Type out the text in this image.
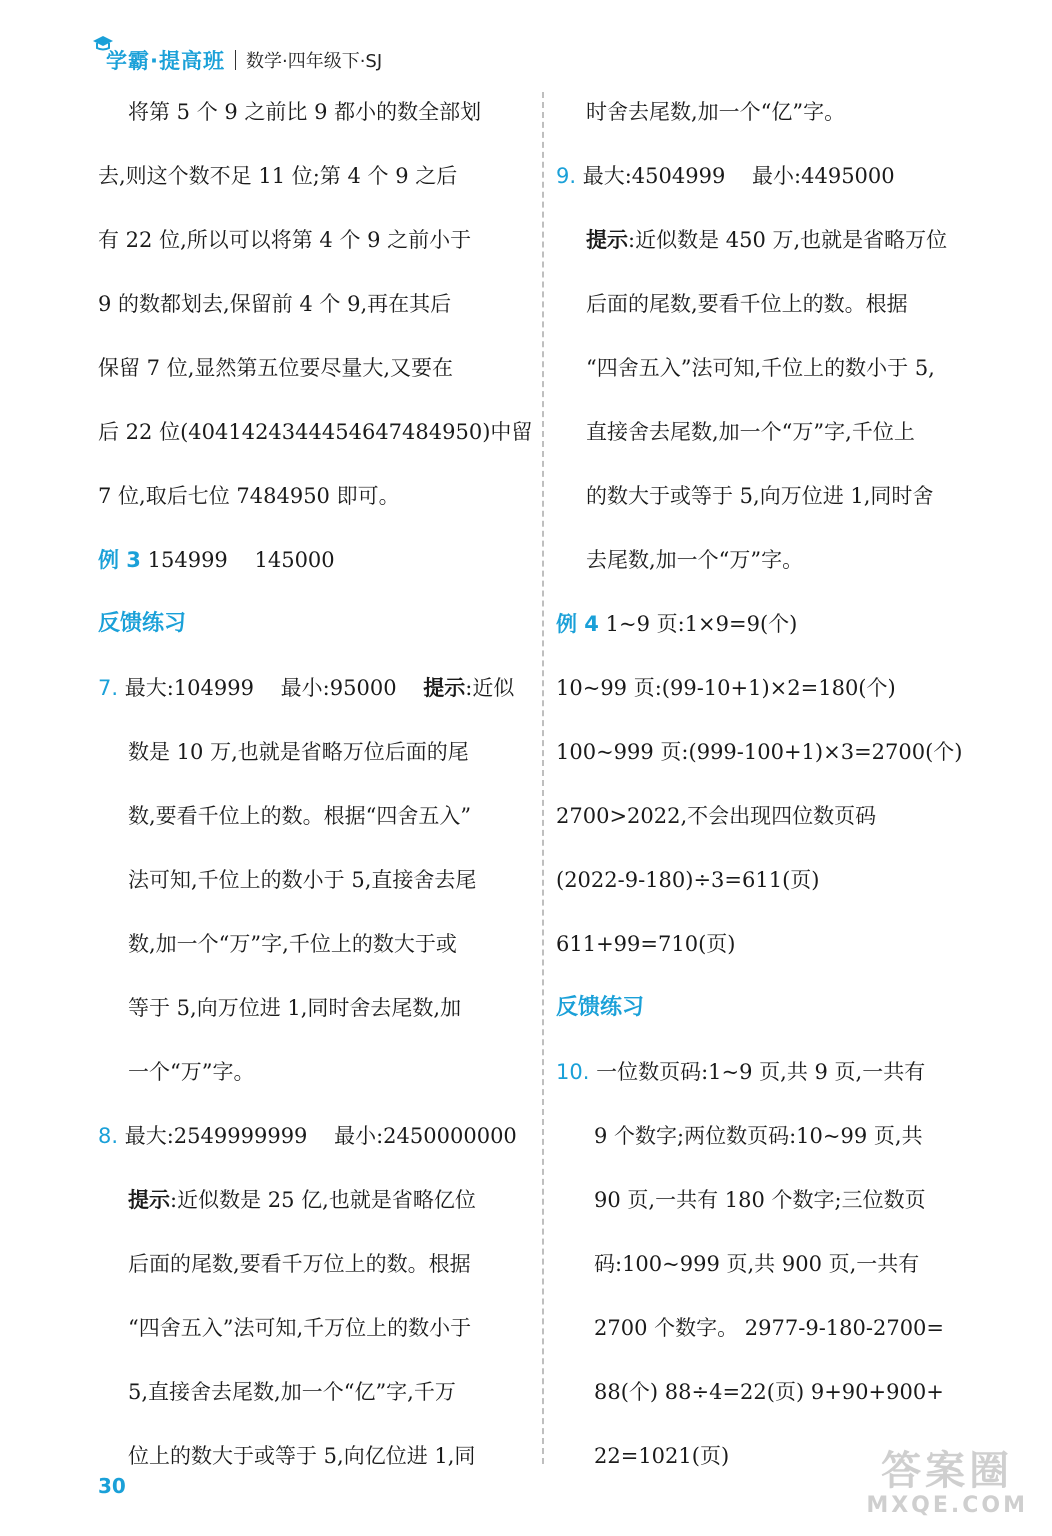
学霸·提高班 数学·四年级下·SJ
将第 5 个 9 之前比 9 都小的数全部划
去,则这个数不足 11 位;第 4 个 9 之后
有 22 位,所以可以将第 4 个 9 之前小于
9 的数都划去,保留前 4 个 9,再在其后
保留 7 位,显然第五位要尽量大,又要在
后 22 位(4041424344454647484950)中留
7 位,取后七位 7484950 即可。
例 3 154999 145000
反馈练习
7. 最大:104999 最小:95000 提示:近似
数是 10 万,也就是省略万位后面的尾
数,要看千位上的数。根据“四舍五入”
法可知,千位上的数小于 5,直接舍去尾
数,加一个“万”字,千位上的数大于或
等于 5,向万位进 1,同时舍去尾数,加
一个“万”字。
8. 最大:2549999999 最小:2450000000
提示:近似数是 25 亿,也就是省略亿位
后面的尾数,要看千万位上的数。根据
“四舍五入”法可知,千万位上的数小于
5,直接舍去尾数,加一个“亿”字,千万
位上的数大于或等于 5,向亿位进 1,同
时舍去尾数,加一个“亿”字。
9. 最大:4504999 最小:4495000
提示:近似数是 450 万,也就是省略万位
后面的尾数,要看千位上的数。根据
“四舍五入”法可知,千位上的数小于 5,
直接舍去尾数,加一个“万”字,千位上
的数大于或等于 5,向万位进 1,同时舍
去尾数,加一个“万”字。
例 4 1~9 页:1×9=9(个)
10~99 页:(99-10+1)×2=180(个)
100~999 页:(999-100+1)×3=2700(个)
2700>2022,不会出现四位数页码
(2022-9-180)÷3=611(页)
611+99=710(页)
反馈练习
10. 一位数页码:1~9 页,共 9 页,一共有
9 个数字;两位数页码:10~99 页,共
90 页,一共有 180 个数字;三位数页
码:100~999 页,共 900 页,一共有
2700 个数字。 2977-9-180-2700=
88(个) 88÷4=22(页) 9+90+900+
22=1021(页)
30	答案圈
MXQE.COM
